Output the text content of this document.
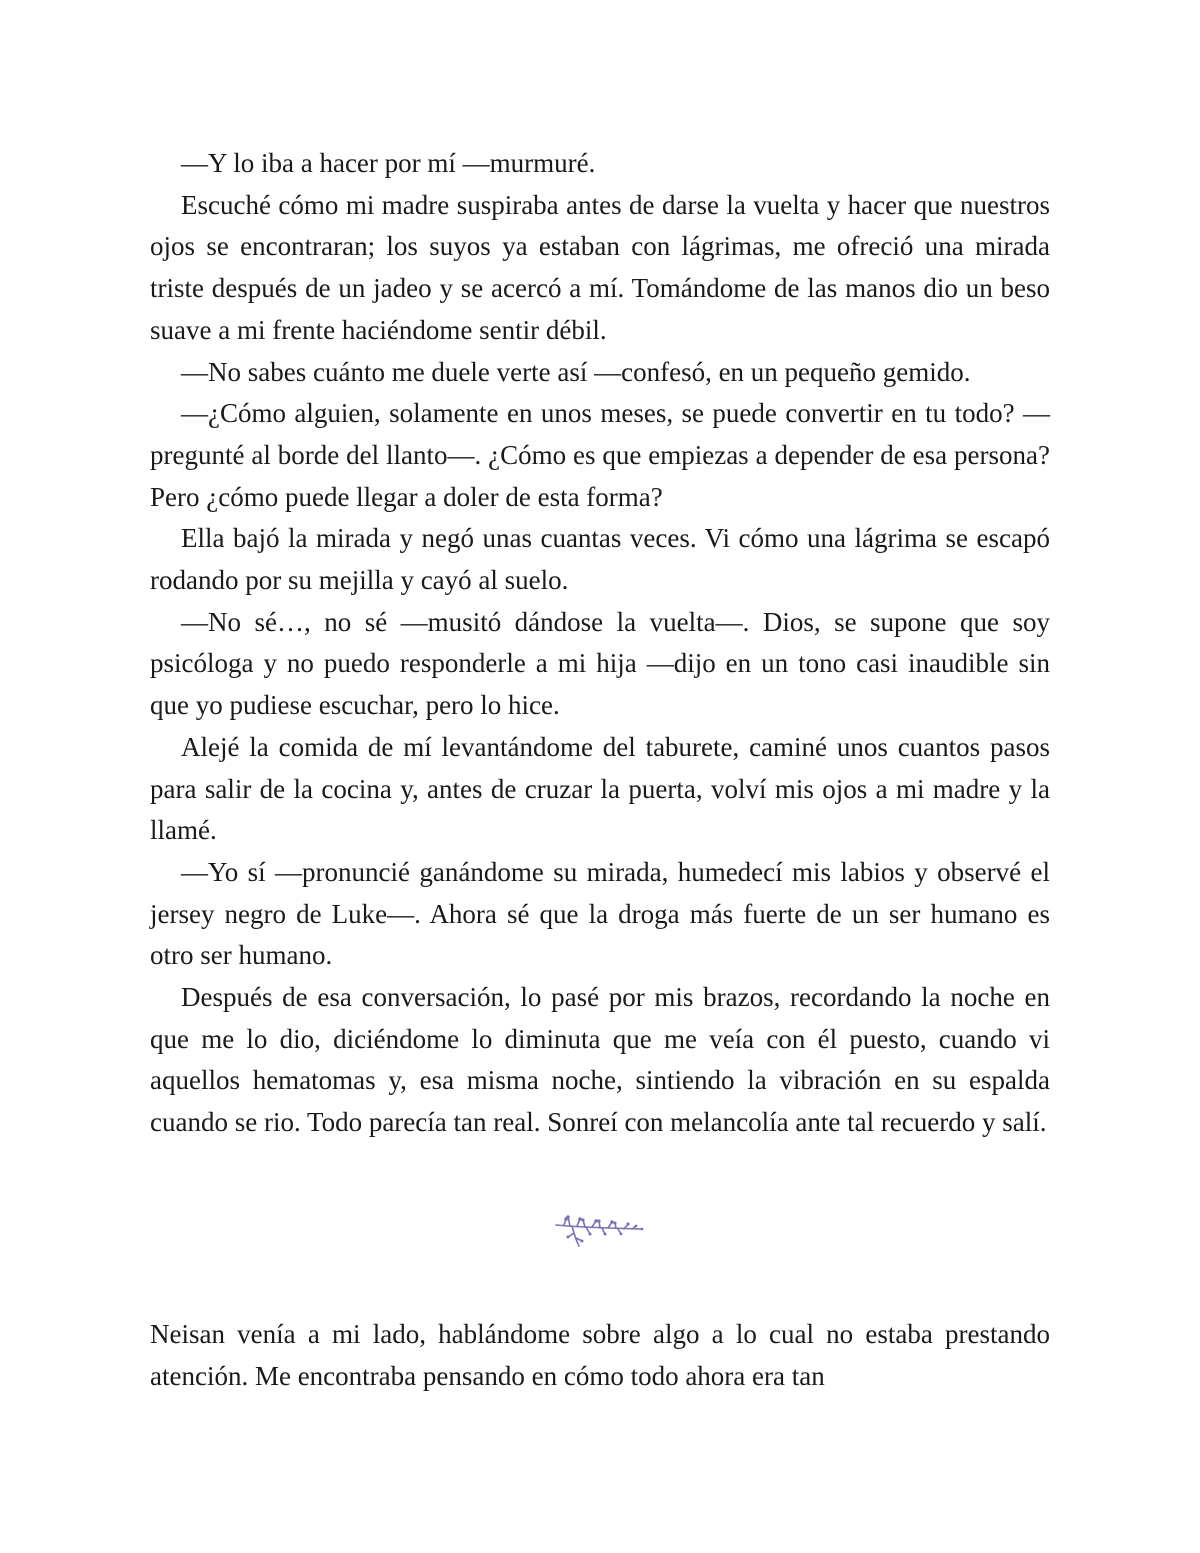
—Y lo iba a hacer por mí —murmuré.

Escuché cómo mi madre suspiraba antes de darse la vuelta y hacer que nuestros ojos se encontraran; los suyos ya estaban con lágrimas, me ofreció una mirada triste después de un jadeo y se acercó a mí. Tomándome de las manos dio un beso suave a mi frente haciéndome sentir débil.

—No sabes cuánto me duele verte así —confesó, en un pequeño gemido.

—¿Cómo alguien, solamente en unos meses, se puede convertir en tu todo? —pregunté al borde del llanto—. ¿Cómo es que empiezas a depender de esa persona? Pero ¿cómo puede llegar a doler de esta forma?

Ella bajó la mirada y negó unas cuantas veces. Vi cómo una lágrima se escapó rodando por su mejilla y cayó al suelo.

—No sé…, no sé —musitó dándose la vuelta—. Dios, se supone que soy psicóloga y no puedo responderle a mi hija —dijo en un tono casi inaudible sin que yo pudiese escuchar, pero lo hice.

Alejé la comida de mí levantándome del taburete, caminé unos cuantos pasos para salir de la cocina y, antes de cruzar la puerta, volví mis ojos a mi madre y la llamé.

—Yo sí —pronuncié ganándome su mirada, humedecí mis labios y observé el jersey negro de Luke—. Ahora sé que la droga más fuerte de un ser humano es otro ser humano.

Después de esa conversación, lo pasé por mis brazos, recordando la noche en que me lo dio, diciéndome lo diminuta que me veía con él puesto, cuando vi aquellos hematomas y, esa misma noche, sintiendo la vibración en su espalda cuando se rio. Todo parecía tan real. Sonreí con melancolía ante tal recuerdo y salí.

Neisan venía a mi lado, hablándome sobre algo a lo cual no estaba prestando atención. Me encontraba pensando en cómo todo ahora era tan
